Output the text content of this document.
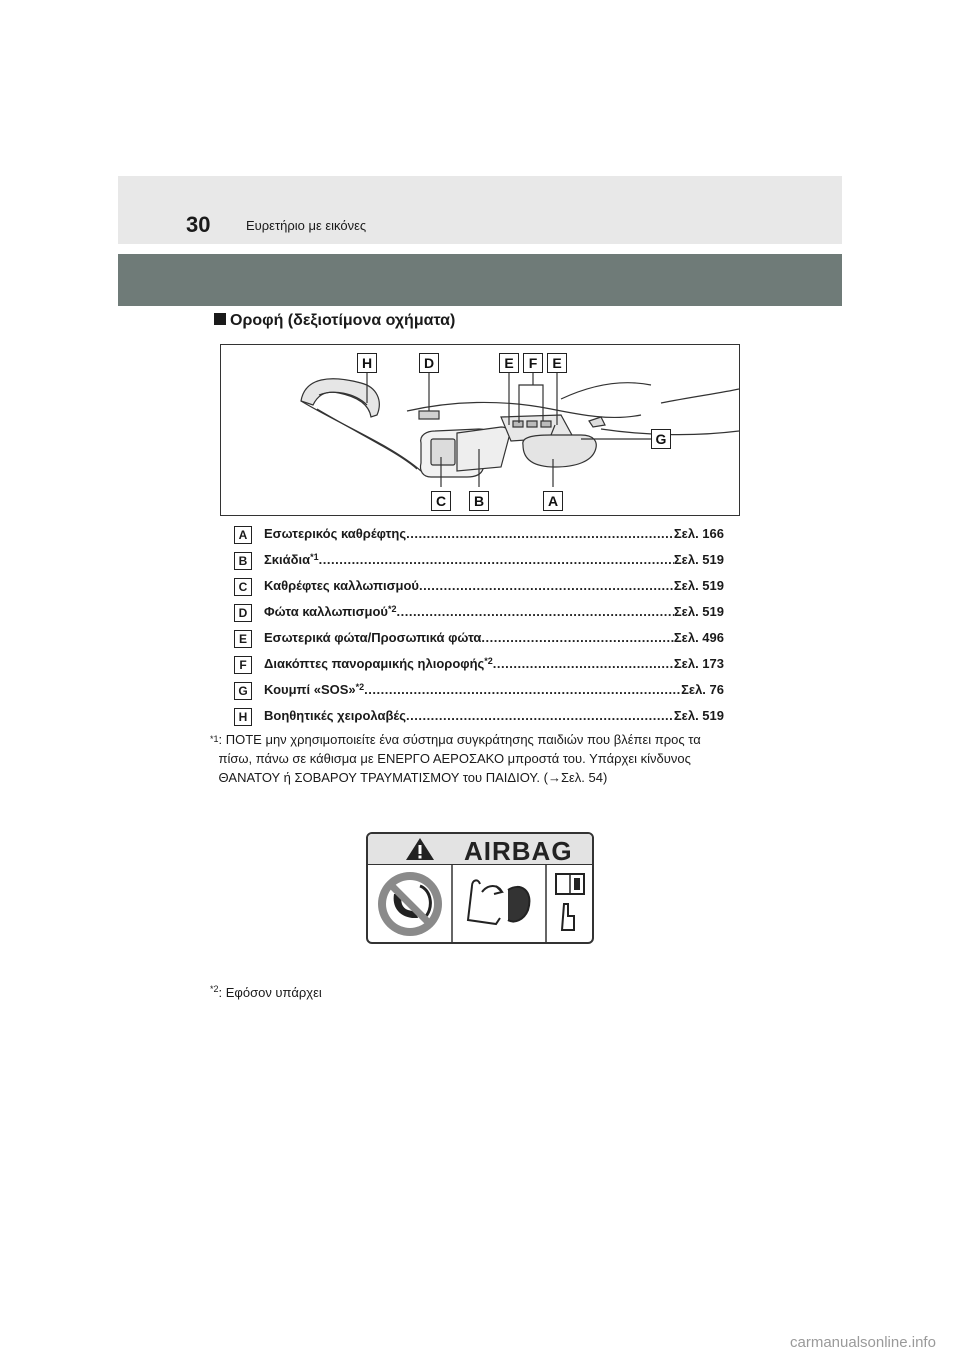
30	Ευρετήριο με εικόνες
Οροφή (δεξιοτίμονα οχήματα)
H	D	E	F	E
G
C	B	A
A	Εσωτερικός καθρέφτης .....	Σελ. 166
B	Σκιάδια *1 .....	Σελ. 519
C	Καθρέφτες καλλωπισμού .....	Σελ. 519
D	Φώτα καλλωπισμού *2 .....	Σελ. 519
E	Εσωτερικά φώτα/Προσωπικά φώτα .....	Σελ. 496
F	Διακόπτες πανοραμικής ηλιοροφής *2 .....	Σελ. 173
G	Κουμπί «SOS» *2 .....	Σελ. 76
H	Βοηθητικές χειρολαβές .....	Σελ. 519
$^{*1}$: ΠΟΤΕ μην χρησιμοποιείτε ένα σύστημα συγκράτησης παιδιών που βλέπει προς τα πίσω, πάνω σε κάθισμα με ΕΝΕΡΓΟ ΑΕΡΟΣΑΚΟ μπροστά του. Υπάρχει κίνδυνος ΘΑΝΑΤΟΥ ή ΣΟΒΑΡΟΥ ΤΡΑΥΜΑΤΙΣΜΟΥ του ΠΑΙΔΙΟΥ. (→Σελ. 54)
AIRBAG
$^{*2}$: Εφόσον υπάρχει
carmanualsonline.info
